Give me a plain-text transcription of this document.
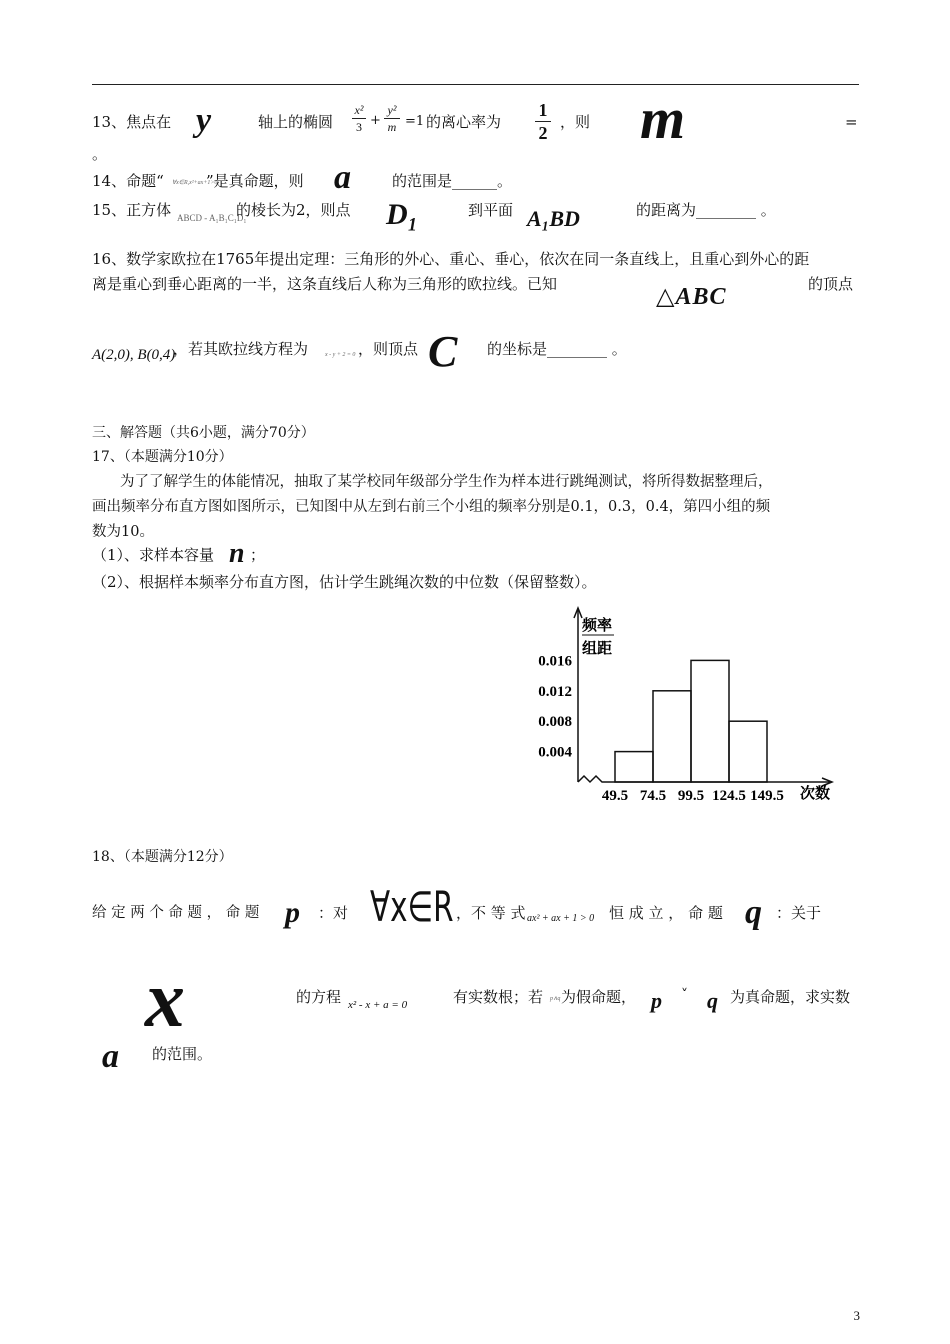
13、焦点在 y	轴上的椭圆
x²
3 +
y²
m =1 的离心率为
1
2
，则 m	=
。
14、命题“ ∀x∈R,x²+ax+1>0
”是真命题，则 a	的范围是______。
15、正方体 ABCD - A₁B₁C₁D₁
的棱长为2，则点 D₁	到平面 A₁BD	的距离为________ 。
16、数学家欧拉在1765年提出定理：三角形的外心、重心、垂心，依次在同一条直线上，且重心到外心的距
离是重心到垂心距离的一半，这条直线后人称为三角形的欧拉线。已知	△ABC	的顶点
A(2,0), B(0,4)
，若其欧拉线方程为	x - y + 2 = 0 ，则顶点 C 的坐标是________ 。
三、解答题（共6小题，满分70分）
17、（本题满分10分）
为了了解学生的体能情况，抽取了某学校同年级部分学生作为样本进行跳绳测试，将所得数据整理后，
画出频率分布直方图如图所示，已知图中从左到右前三个小组的频率分别是0.1，0.3，0.4，第四小组的频
数为10。
（1）、求样本容量 n ；
（2）、根据样本频率分布直方图，估计学生跳绳次数的中位数（保留整数）。
0.004
0.008
0.012
0.016
49.5 74.5 99.5 124.5 149.5
频率
组距
次数
18、（本题满分12分）
给 定 两 个 命 题 ， 命 题 p ：对 ∀x∈R ，不 等 式 ax² + ax + 1 > 0 恒 成 立 ， 命 题 q ：关于
x	的方程 x² - x + a = 0	有实数根；若 p∧q 为假命题， p ˅ q 为真命题，求实数
a 的范围。
3
